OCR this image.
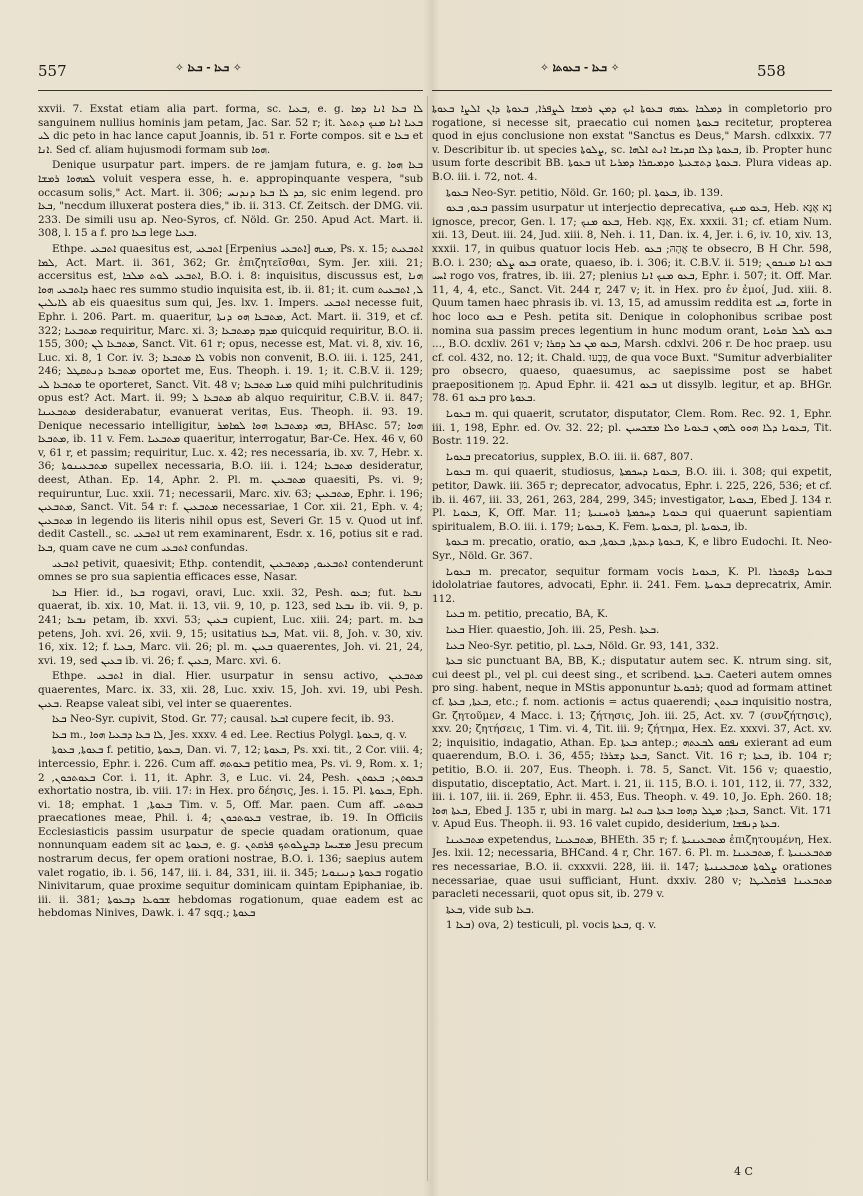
557	✧ ܒܥܐ - ܒܥܐ ✧	✧ ܒܥܐ - ܒܥܘܬܐ ✧	558

xxvii. 7. Exstat etiam alia part. forma, sc. ܒܥܝܐ, e. g. ܠܐ ܒܥܐ ܐܢܐ ܕܡܐ sanguinem nullius hominis jam petam, Jac. Sar. 52 r; it. ܒܥܝܐ ܐܢܐ ܡܢܟ ܕܬܬܠ ܠܝ dic peto in hac lance caput Joannis, ib. 51 r. Forte compos. sit e ܒܥܐ et ܐܢܐ. Sed cf. aliam hujusmodi formam sub ܗܘܐ.

Denique usurpatur part. impers. de re jamjam futura, e. g. ܒܥܐ ܗܘܐ ܠܡܗܘܐ ܪܡܫܐ voluit vespera esse, h. e. appropinquante vespera, "sub occasum solis," Act. Mart. ii. 306; ܟܕ ܠܐ ܒܥܐ ܕܢܕܢܚ, sic enim legend. pro ܒܥܐ, "necdum illuxerat postera dies," ib. ii. 313. Cf. Zeitsch. der DMG. vii. 233. De simili usu ap. Neo-Syros, cf. Nöld. Gr. 250. Apud Act. Mart. ii. 308, l. 15 a f. pro ܒܥܐ lege ܒܥܝܐ.

Ethpe. ܐܬܒܥܝ quaesitus est, ܐܬܒܥܝ [Erpenius ܐܬܒܥܝ] ܡܢܗ, Ps. x. 15; ܐܬܒܥܝܬ ܠܡܐ, Act. Mart. ii. 361, 362; Gr. ἐπιζητεῖσθαι, Sym. Jer. xiii. 21; accersitus est, ܐܬܒܥܝ ܠܘܬ ܡܠܟܐ, B.O. i. 8: inquisitus, discussus est, ܗܢܐ ܕܐܬܒܥܝ ܗܘܐ haec res summo studio inquisita est, ib. ii. 81; it. cum ܠ, ܐܬܒܥܝܬ ܠܐܝܠܝܢ ab eis quaesitus sum qui, Jes. lxv. 1. Impers. ܐܬܒܥܝ necesse fuit, Ephr. i. 206. Part. m. quaeritur, ܡܬܒܥܐ ܗܘ ܕܢܬܐ, Act. Mart. ii. 319, et cf. 322; ܡܬܒܥܝܐ requiritur, Marc. xi. 3; ܡܕܡ ܕܡܬܒܥܐ quicquid requiritur, B.O. ii. 155, 300; ܡܬܒܥܐ ܠܢ, Sanct. Vit. 61 r; opus, necesse est, Mat. vi. 8, xiv. 16, Luc. xi. 8, 1 Cor. iv. 3; ܠܐ ܡܬܒܥܐ vobis non convenit, B.O. iii. i. 125, 241, 246; ܡܬܒܥܐ ܕܢܬܩܛܠ oportet me, Eus. Theoph. i. 19. 1; it. C.B.V. ii. 129; ܡܬܒܥܐ ܠܝ te oporteret, Sanct. Vit. 48 v; ܡܢܐ ܡܬܒܥܐ quid mihi pulchritudinis opus est? Act. Mart. ii. 99; ܡܬܒܥܐ ܠ ab alquo requiritur, C.B.V. ii. 847; ܡܬܒܥܝܢܐ desiderabatur, evanuerat veritas, Eus. Theoph. ii. 93. 19. Denique necessario intelligitur, ܒܗܝ ܕܡܬܒܥܐ ܗܘܐ ܠܡܐܡܪ, BHAsc. 57; ܗܘܐ ܡܬܒܥܐ, ib. 11 v. Fem. ܡܬܒܥܝܐ quaeritur, interrogatur, Bar-Ce. Hex. 46 v, 60 v, 61 r, et passim; requiritur, Luc. x. 42; res necessaria, ib. xv. 7, Hebr. x. 36; ܡܬܒܥܝܢܘܬܐ supellex necessaria, B.O. iii. i. 124; ܡܬܒܥܐ desideratur, deest, Athan. Ep. 14, Aphr. 2. Pl. m. ܡܬܒܥܝܢ quaesiti, Ps. vi. 9; requiruntur, Luc. xxii. 71; necessarii, Marc. xiv. 63; ܡܬܒܥܝܢ, Ephr. i. 196; ܡܬܒܥܝܢ, Sanct. Vit. 54 r: f. ܡܬܒܥܝܢ necessariae, 1 Cor. xii. 21, Eph. v. 4; ܡܬܒܥܝܢ in legendo iis literis nihil opus est, Severi Gr. 15 v. Quod ut inf. dedit Castell., sc. ܐܬܒܥܝ ut rem examinarent, Esdr. x. 16, potius sit e rad. ܒܥܐ, quam cave ne cum ܐܬܒܥܝ confundas.

ܐܬܒܥܝ petivit, quaesivit; Ethp. contendit, ܐܬܒܥܝܘ, ܕܡܬܒܥܝܢ contenderunt omnes se pro sua sapientia efficaces esse, Nasar.

ܒܥܐ Hier. id., ܒܥܐ rogavi, oravi, Luc. xxii. 32, Pesh. ܒܥܘ; fut. ܢܒܥܐ quaerat, ib. xix. 10, Mat. ii. 13, vii. 9, 10, p. 123, sed ܢܒܥܐ ib. vii. 9, p. 241; ܢܒܥܐ petam, ib. xxvi. 53; ܒܥܝܢ cupient, Luc. xiii. 24; part. m. ܒܥܐ petens, Joh. xvi. 26, xvii. 9, 15; usitatius ܒܥܐ, Mat. vii. 8, Joh. v. 30, xiv. 16, xix. 12; f. ܒܥܝܐ, Marc. vii. 26; pl. m. ܒܥܝܢ quaerentes, Joh. vi. 21, 24, xvi. 19, sed ܒܥܝܢ ib. vi. 26; f. ܒܥܝܢ, Marc. xvi. 6.

Ethpe. ܐܬܒܥܝ in dial. Hier. usurpatur in sensu activo, ܡܬܒܥܝܢ quaerentes, Marc. ix. 33, xii. 28, Luc. xxiv. 15, Joh. xvi. 19, ubi Pesh. ܒܥܝܢ. Reapse valeat sibi, vel inter se quaerentes.

ܒܥܐ Neo-Syr. cupivit, Stod. Gr. 77; causal. ܐܒܥܐ cupere fecit, ib. 93.

ܒܥܐ m., ܠܐ ܒܥܐ ܕܒܥܝܐ ܗܘܐ, Jes. xxxv. 4 ed. Lee. Rectius Polygl. ܒܥܘܬܐ, q. v.

ܒܥܘܬܐ, ܒܥܘܬܐ f. petitio, ܒܥܘܬܐ, Dan. vi. 7, 12; ܒܥܘܬܐ, Ps. xxi. tit., 2 Cor. viii. 4; intercessio, Ephr. i. 226. Cum aff. ܒܥܘܬܗ petitio mea, Ps. vi. 9, Rom. x. 1; ܒܥܘܬܟܘܢ, 2 Cor. i. 11, it. Aphr. 3, e Luc. vi. 24, Pesh. ܒܥܘܬܢ; ܒܥܘܬܢ exhortatio nostra, ib. viii. 17: in Hex. pro δέησις, Jes. i. 15. Pl. ܒܥܘܬܐ, Eph. vi. 18; emphat. ܒܥܘܬܐ, 1 Tim. v. 5, Off. Mar. paen. Cum aff. ܒܥܘܬܝ praecationes meae, Phil. i. 4; ܒܥܘܬܟܘܢ vestrae, ib. 19. In Officiis Ecclesiasticis passim usurpatur de specie quadam orationum, quae nonnunquam eadem sit ac ܒܥܘܬܐ, e. g. ܡܫܝܚܐ ܕܒܨܠܘܬܟ ܦܪܩܬܢ Jesu precum nostrarum decus, fer opem orationi nostrae, B.O. i. 136; saepius autem valet rogatio, ib. i. 56, 147, iii. i. 84, 331, iii. ii. 345; ܒܥܘܬܐ ܕܢܝܢܘܝܐ rogatio Ninivitarum, quae proxime sequitur dominicam quintam Epiphaniae, ib. iii. ii. 381; ܫܒܘܥܐ ܕܒܥܘܬܐ hebdomas rogationum, quae eadem est ac hebdomas Ninives, Dawk. i. 47 sqq.; ܒܥܘܬܐ

ܕܡܠܟܐ ܥܡܗ ܒܥܘܬܐ ܐܝܟ ܕܡܢ ܪܡܫܐ ܠܨܦܪܐ, ܒܥܘܬܐ ܕܐܢ ܐܠܨܐ ܒܥܘܬܐ in completorio pro rogatione, si necesse sit, praecatio cui nomen ܒܥܘܬܐ recitetur, propterea quod in ejus conclusione non exstat "Sanctus es Deus," Marsh. cdlxxix. 77 v. Describitur ib. ut species ܨܠܘܬܐ, sc. ܒܥܘܬܐ ܕܠܐ ܩܕܝܫܐ ܐܢܬ ܐܠܗܐ, ib. Propter hunc usum forte describit BB. ܒܥܘܬܐ ut ܒܥܘܬܐ ܕܬܫܥܝܬܐ ܘܕܡܝܩܪܐ ܕܡܪܝܐ. Plura videas ap. B.O. iii. i. 72, not. 4.

ܒܥܘܬܐ Neo-Syr. petitio, Nöld. Gr. 160; pl. ܒܥܘܬܐ, ib. 139.

ܒܥܘ, ܒܥܘ passim usurpatur ut interjectio deprecativa, ܒܥܘ ܡܢܟ, Heb. נָא אָנָּא ignosce, precor, Gen. l. 17; ܒܥܘ ܡܢܟ, Heb. אָנָּא, Ex. xxxii. 31; cf. etiam Num. xii. 13, Deut. iii. 24, Jud. xiii. 8, Neh. i. 11, Dan. ix. 4, Jer. i. 6, iv. 10, xiv. 13, xxxii. 17, in quibus quatuor locis Heb. אֲהָהּ; ܒܥܘ te obsecro, B H Chr. 598, B.O. i. 230; ܒܥܘ ܨܠܘ orate, quaeso, ib. i. 306; it. C.B.V. ii. 519; ܒܥܘ ܐܢܐ ܡܢܟܘܢ ܐܚܝ rogo vos, fratres, ib. iii. 27; plenius ܒܥܘ ܡܢܟ ܐܢܐ, Ephr. i. 507; it. Off. Mar. 11, 4, 4, etc., Sanct. Vit. 244 r, 247 v; it. in Hex. pro ἐν ἐμοί, Jud. xiii. 8. Quum tamen haec phrasis ib. vi. 13, 15, ad amussim reddita est ܒܝ, forte in hoc loco ܒܥܘ e Pesh. petita sit. Denique in colophonibus scribae post nomina sua passim preces legentium in hunc modum orant, ܒܥܘ ܠܟܠ ܩܪܘܝܐ ..., B.O. dcxliv. 261 v; ܒܥܘ ܡܢ ܟܠ ܕܩܪܐ, Marsh. cdxlvi. 206 r. De hoc praep. usu cf. col. 432, no. 12; it. Chald. בְּבָעוּ, de qua voce Buxt. "Sumitur adverbialiter pro obsecro, quaeso, quaesumus, ac saepissime post se habet praepositionem מִן. Apud Ephr. ii. 421 ܒܥܘ ut dissylb. legitur, et ap. BHGr. 78. 61 ܒܥܘ pro ܒܥܘܬܐ.

ܒܥܘܝܐ m. qui quaerit, scrutator, disputator, Clem. Rom. Rec. 92. 1, Ephr. iii. 1, 198, Ephr. ed. Ov. 32. 22; pl. ܒܥܘܝܐ ܕܠܐ ܗܘܘ ܠܗܘܢ ܒܥܘܝܐ ܘܠܐ ܡܫܟܚܝܢ, Tit. Bostr. 119. 22.

ܒܥܘܝܐ precatorius, supplex, B.O. iii. ii. 687, 807.

ܒܥܘܝܐ m. qui quaerit, studiosus, ܒܥܘܝܐ ܕܚܟܡܬܐ, B.O. iii. i. 308; qui expetit, petitor, Dawk. iii. 365 r; deprecator, advocatus, Ephr. i. 225, 226, 536; et cf. ib. ii. 467, iii. 33, 261, 263, 284, 299, 345; investigator, ܒܥܘܝܐ, Ebed J. 134 r. Pl. ܒܥܘܝܐ, K, Off. Mar. 11; ܒܥܘܝܐ ܕܚܟܡܬܐ ܪܘܚܢܝܬܐ qui quaerunt sapientiam spiritualem, B.O. iii. i. 179; ܒܥܘܝܐ, K. Fem. ܒܥܘܝܬܐ, pl. ܒܥܘܝܬܐ, ib.

ܒܥܘܬܐ m. precatio, oratio, ܒܥܘܬܐ ܕܥܕܬܐ, ܒܥܘܬܐ, ܒܥܘ, K, e libro Eudochi. It. Neo-Syr., Nöld. Gr. 367.

ܒܥܘܝܐ m. precator, sequitur formam vocis ܒܥܘܝܐ, K. Pl. ܒܥܘܝܐ ܕܦܬܟܪܐ idololatriae fautores, advocati, Ephr. ii. 241. Fem. ܒܥܘܝܬܐ deprecatrix, Amir. 112.

ܒܥܝܐ m. petitio, precatio, BA, K.

ܒܥܝܐ Hier. quaestio, Joh. iii. 25, Pesh. ܒܥܬܐ.

ܒܥܝܐ Neo-Syr. petitio, pl. ܒܥܝܐ, Nöld. Gr. 93, 141, 332.

ܒܥܬܐ sic punctuant BA, BB, K.; disputatur autem sec. K. ntrum sing. sit, cui deest pl., vel pl. cui deest sing., et scribend. ܒܥܬܐ. Caeteri autem omnes pro sing. habent, neque in MStis apponuntur ܪܒܘܥܐ; quod ad formam attinet cf. ܒܥܬܐ, ܒܥܬܐ, etc.; f. nom. actionis = actus quaerendi; ܒܥܬܢ inquisitio nostra, Gr. ζητοῦμεν, 4 Macc. i. 13; ζήτησις, Joh. iii. 25, Act. xv. 7 (συνζήτησις), xxv. 20; ζητήσεις, 1 Tim. vi. 4, Tit. iii. 9; ζήτημα, Hex. Ez. xxxvi. 37, Act. xv. 2; inquisitio, indagatio, Athan. Ep. ܒܥܬܐ antep.; ܢܦܩܘ ܠܒܥܬܗ exierant ad eum quaerendum, B.O. i. 36, 455; ܒܥܬܐ ܕܫܪܪܐ, Sanct. Vit. 16 r; ܒܥܬܐ, ib. 104 r; petitio, B.O. ii. 207, Eus. Theoph. i. 78. 5, Sanct. Vit. 156 v; quaestio, disputatio, disceptatio, Act. Mart. i. 21, ii. 115, B.O. i. 101, 112, ii. 77, 332, iii. i. 107, iii. ii. 269, Ephr. ii. 453, Eus. Theoph. v. 49. 10, Jo. Eph. 260. 18; ܒܥܬܐ ܗܘܐ, Ebed J. 135 r, ubi in marg. ܒܥܬܐ; ܡܛܠ ܕܗܘܐ ܒܥܬܐ ܒܝܬ ܐܚܐ, Sanct. Vit. 171 v. Apud Eus. Theoph. ii. 93. 16 valet cupido, desiderium, ܒܥܬܐ ܕܢܦܫܐ.

ܡܬܒܥܝܢܐ expetendus, ܡܬܒܥܝܢܐ, BHEth. 35 r; f. ܡܬܒܥܝܢܝܬܐ ἐπιζητουμένη, Hex. Jes. lxii. 12; necessaria, BHCand. 4 r, Chr. 167. 6. Pl. m. ܡܬܒܥܝܢܐ, f. ܡܬܒܥܝܢܝܬܐ res necessariae, B.O. ii. cxxxvii. 228, iii. ii. 147; ܨܠܘܬܐ ܡܬܒܥܝܢܝܬܐ orationes necessariae, quae usui sufficiant, Hunt. dxxiv. 280 v; ܡܬܒܥܝܢܐ ܦܪܩܠܝܛܐ paracleti necessarii, quot opus sit, ib. 279 v.

ܒܥܬܐ, vide sub ܒܥܐ.

ܒܥܐ 1) ova, 2) testiculi, pl. vocis ܒܥܬܐ, q. v.

4 C
